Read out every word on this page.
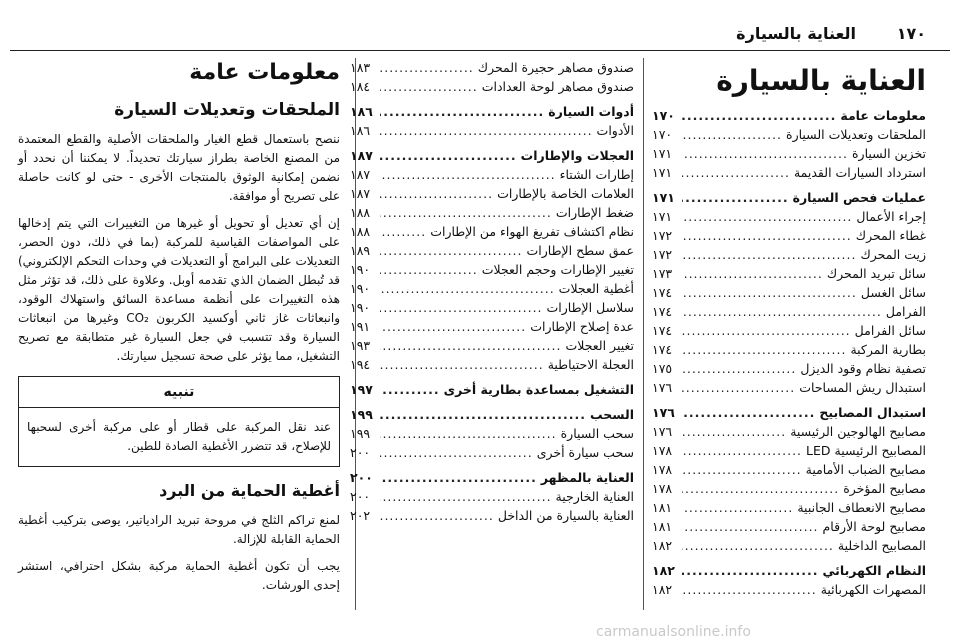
١٧٠
العناية بالسيارة
العناية بالسيارة
معلومات عامة
.....
١٧٠
الملحقات وتعديلات السيارة
.....
١٧٠
تخزين السيارة
.....
١٧١
استرداد السيارات القديمة
.....
١٧١
عمليات فحص السيارة
.....
١٧١
إجراء الأعمال
.....
١٧١
غطاء المحرك
.....
١٧٢
زيت المحرك
.....
١٧٢
سائل تبريد المحرك
.....
١٧٣
سائل الغسل
.....
١٧٤
الفرامل
.....
١٧٤
سائل الفرامل
.....
١٧٤
بطارية المركبة
.....
١٧٤
تصفية نظام وقود الديزل
.....
١٧٥
استبدال ريش المساحات
.....
١٧٦
استبدال المصابيح
.....
١٧٦
مصابيح الهالوجين الرئيسية
.....
١٧٦
المصابيح الرئيسية LED
.....
١٧٨
مصابيح الضباب الأمامية
.....
١٧٨
مصابيح المؤخرة
.....
١٧٨
مصابيح الانعطاف الجانبية
.....
١٨١
مصابيح لوحة الأرقام
.....
١٨١
المصابيح الداخلية
.....
١٨٢
النظام الكهربائي
.....
١٨٢
المصهرات الكهربائية
.....
١٨٢
صندوق مصاهر حجيرة المحرك
.....
١٨٣
صندوق مصاهر لوحة العدادات
.....
١٨٤
أدوات السيارة
.....
١٨٦
الأدوات
.....
١٨٦
العجلات والإطارات
.....
١٨٧
إطارات الشتاء
.....
١٨٧
العلامات الخاصة بالإطارات
.....
١٨٧
ضغط الإطارات
.....
١٨٨
نظام اكتشاف تفريغ الهواء من الإطارات
.....
١٨٨
عمق سطح الإطارات
.....
١٨٩
تغيير الإطارات وحجم العجلات
.....
١٩٠
أغطية العجلات
.....
١٩٠
سلاسل الإطارات
.....
١٩٠
عدة إصلاح الإطارات
.....
١٩١
تغيير العجلات
.....
١٩٣
العجلة الاحتياطية
.....
١٩٤
التشغيل بمساعدة بطارية أخرى
.....
١٩٧
السحب
.....
١٩٩
سحب السيارة
.....
١٩٩
سحب سيارة أخرى
.....
٢٠٠
العناية بالمظهر
.....
٢٠٠
العناية الخارجية
.....
٢٠٠
العناية بالسيارة من الداخل
.....
٢٠٢
معلومات عامة
الملحقات وتعديلات السيارة
ننصح باستعمال قطع الغيار والملحقات الأصلية والقطع المعتمدة من المصنع الخاصة بطراز سيارتك تحديداً. لا يمكننا أن نحدد أو نضمن إمكانية الوثوق بالمنتجات الأخرى - حتى لو كانت حاصلة على تصريح أو موافقة.
إن أي تعديل أو تحويل أو غيرها من التغييرات التي يتم إدخالها على المواصفات القياسية للمركبة (بما في ذلك، دون الحصر، التعديلات على البرامج أو التعديلات في وحدات التحكم الإلكتروني) قد تُبطل الضمان الذي تقدمه أوبل. وعلاوة على ذلك، قد تؤثر مثل هذه التغييرات على أنظمة مساعدة السائق واستهلاك الوقود، وانبعاثات غاز ثاني أوكسيد الكربون CO₂ وغيرها من انبعاثات السيارة وقد تتسبب في جعل السيارة غير متطابقة مع تصريح التشغيل، مما يؤثر على صحة تسجيل سيارتك.
تنبيه
عند نقل المركبة على قطار أو على مركبة أخرى لسحبها للإصلاح، قد تتضرر الأغطية الصادة للطين.
أغطية الحماية من البرد
لمنع تراكم الثلج في مروحة تبريد الرادياتير، يوصى بتركيب أغطية الحماية القابلة للإزالة.
يجب أن تكون أغطية الحماية مركبة بشكل احترافي، استشر إحدى الورشات.
carmanualsonline.info
